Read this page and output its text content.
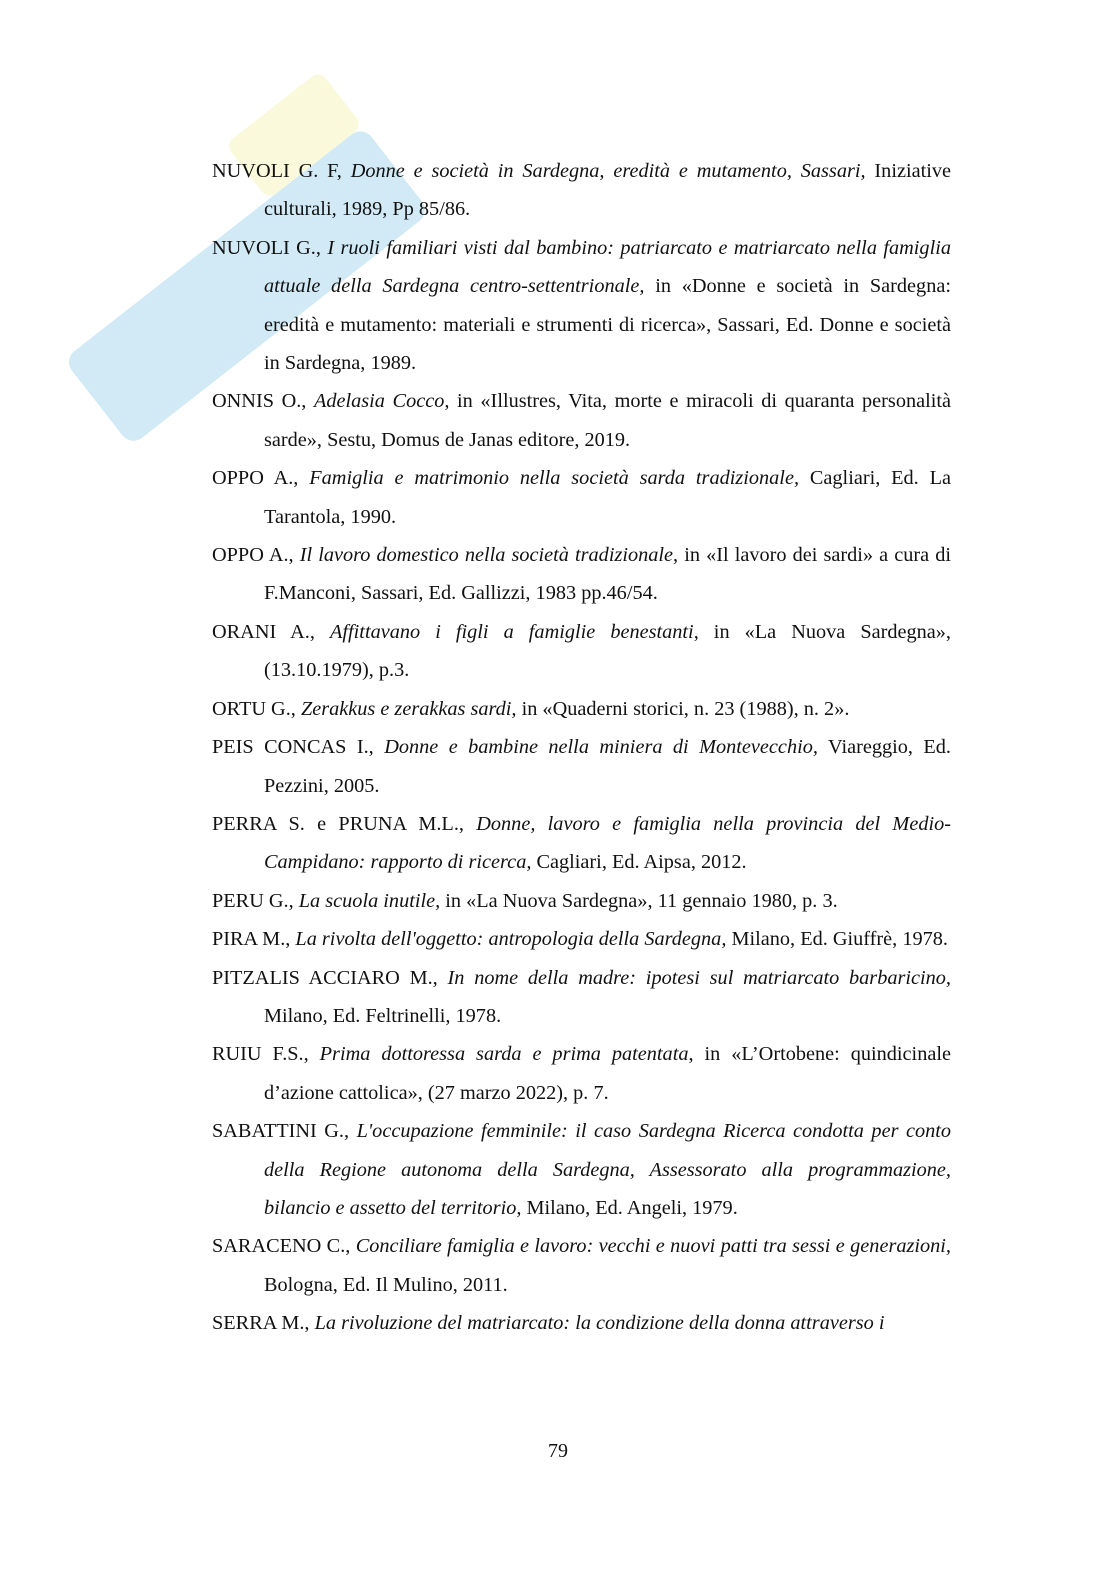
NUVOLI G. F, Donne e società in Sardegna, eredità e mutamento, Sassari, Iniziative culturali, 1989, Pp 85/86.

NUVOLI G., I ruoli familiari visti dal bambino: patriarcato e matriarcato nella famiglia attuale della Sardegna centro-settentrionale, in «Donne e società in Sardegna: eredità e mutamento: materiali e strumenti di ricerca», Sassari, Ed. Donne e società in Sardegna, 1989.

ONNIS O., Adelasia Cocco, in «Illustres, Vita, morte e miracoli di quaranta personalità sarde», Sestu, Domus de Janas editore, 2019.

OPPO A., Famiglia e matrimonio nella società sarda tradizionale, Cagliari, Ed. La Tarantola, 1990.

OPPO A., Il lavoro domestico nella società tradizionale, in «Il lavoro dei sardi» a cura di F.Manconi, Sassari, Ed. Gallizzi, 1983 pp.46/54.

ORANI A., Affittavano i figli a famiglie benestanti, in «La Nuova Sardegna», (13.10.1979), p.3.

ORTU G., Zerakkus e zerakkas sardi, in «Quaderni storici, n. 23 (1988), n. 2».

PEIS CONCAS I., Donne e bambine nella miniera di Montevecchio, Viareggio, Ed. Pezzini, 2005.

PERRA S. e PRUNA M.L., Donne, lavoro e famiglia nella provincia del Medio-Campidano: rapporto di ricerca, Cagliari, Ed. Aipsa, 2012.

PERU G., La scuola inutile, in «La Nuova Sardegna», 11 gennaio 1980, p. 3.

PIRA M., La rivolta dell'oggetto: antropologia della Sardegna, Milano, Ed. Giuffrè, 1978.

PITZALIS ACCIARO M., In nome della madre: ipotesi sul matriarcato barbaricino, Milano, Ed. Feltrinelli, 1978.

RUIU F.S., Prima dottoressa sarda e prima patentata, in «L’Ortobene: quindicinale d’azione cattolica», (27 marzo 2022), p. 7.

SABATTINI G., L'occupazione femminile: il caso Sardegna Ricerca condotta per conto della Regione autonoma della Sardegna, Assessorato alla programmazione, bilancio e assetto del territorio, Milano, Ed. Angeli, 1979.

SARACENO C., Conciliare famiglia e lavoro: vecchi e nuovi patti tra sessi e generazioni, Bologna, Ed. Il Mulino, 2011.

SERRA M., La rivoluzione del matriarcato: la condizione della donna attraverso i

79
